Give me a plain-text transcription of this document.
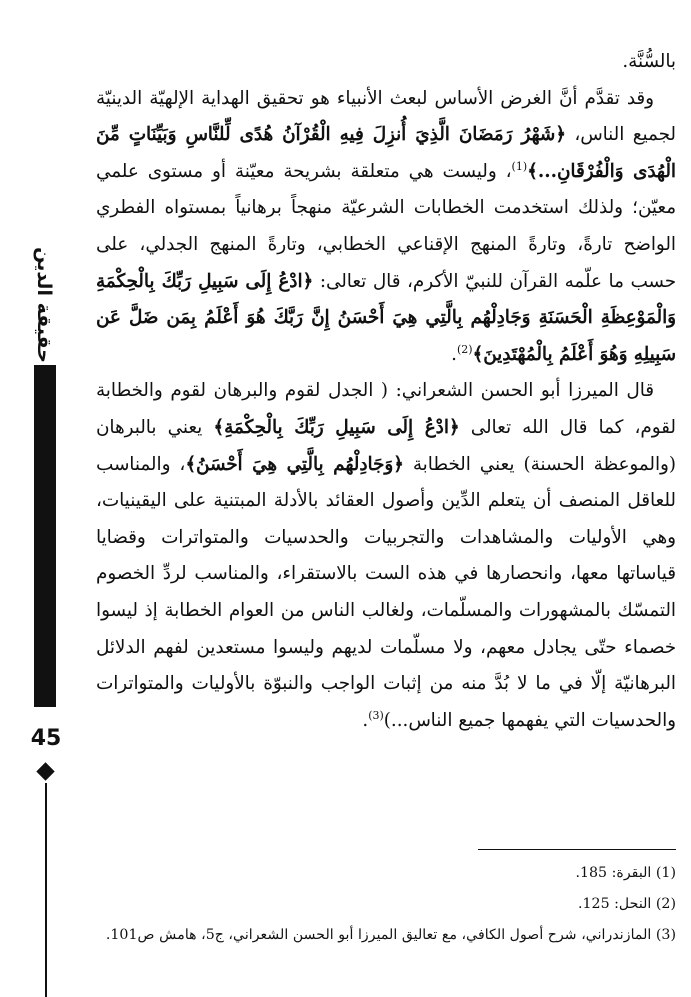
حقيقة الدين
45

بالسُّنَّة.

وقد تقدَّم أنَّ الغرض الأساس لبعث الأنبياء هو تحقيق الهداية الإلهيّة الدينيّة لجميع الناس، ﴿شَهْرُ رَمَضَانَ الَّذِيَ أُنزِلَ فِيهِ الْقُرْآنُ هُدًى لِّلنَّاسِ وَبَيِّنَاتٍ مِّنَ الْهُدَى وَالْفُرْقَانِ...﴾$^{(1)}$، وليست هي متعلقة بشريحة معيّنة أو مستوى علمي معيّن؛ ولذلك استخدمت الخطابات الشرعيّة منهجاً برهانياً بمستواه الفطري الواضح تارةً، وتارةً المنهج الإقناعي الخطابي، وتارةً المنهج الجدلي، على حسب ما علّمه القرآن للنبيّ الأكرم، قال تعالى: ﴿ادْعُ إِلَى سَبِيلِ رَبِّكَ بِالْحِكْمَةِ وَالْمَوْعِظَةِ الْحَسَنَةِ وَجَادِلْهُم بِالَّتِي هِيَ أَحْسَنُ إِنَّ رَبَّكَ هُوَ أَعْلَمُ بِمَن ضَلَّ عَن سَبِيلِهِ وَهُوَ أَعْلَمُ بِالْمُهْتَدِينَ﴾$^{(2)}$.

قال الميرزا أبو الحسن الشعراني: ( الجدل لقوم والبرهان لقوم والخطابة لقوم، كما قال الله تعالى ﴿ادْعُ إِلَى سَبِيلِ رَبِّكَ بِالْحِكْمَةِ﴾ يعني بالبرهان (والموعظة الحسنة) يعني الخطابة ﴿وَجَادِلْهُم بِالَّتِي هِيَ أَحْسَنُ﴾، والمناسب للعاقل المنصف أن يتعلم الدِّين وأصول العقائد بالأدلة المبتنية على اليقينيات، وهي الأوليات والمشاهدات والتجربيات والحدسيات والمتواترات وقضايا قياساتها معها، وانحصارها في هذه الست بالاستقراء، والمناسب لردِّ الخصوم التمسّك بالمشهورات والمسلّمات، ولغالب الناس من العوام الخطابة إذ ليسوا خصماء حتّى يجادل معهم، ولا مسلّمات لديهم وليسوا مستعدين لفهم الدلائل البرهانيّة إلّا في ما لا بُدَّ منه من إثبات الواجب والنبوّة بالأوليات والمتواترات والحدسيات التي يفهمها جميع الناس...)$^{(3)}$.

(1) البقرة: 185.

(2) النحل: 125.

(3) المازندراني، شرح أصول الكافي، مع تعاليق الميرزا أبو الحسن الشعراني، ج5، هامش ص101.
